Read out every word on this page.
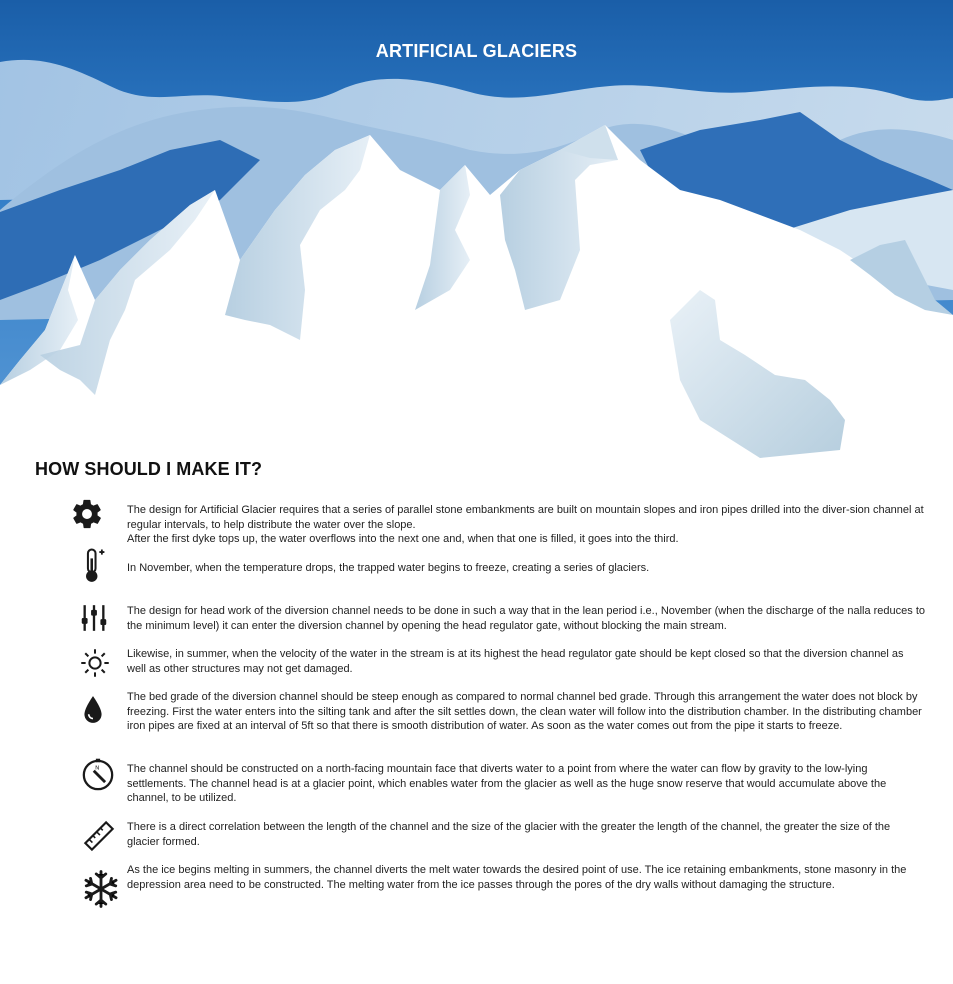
ARTIFICIAL GLACIERS
HOW SHOULD I MAKE IT?

The design for Artificial Glacier requires that a series of parallel stone embankments are built on mountain slopes and iron pipes drilled into the diver-sion channel at regular intervals, to help distribute the water over the slope.

After the first dyke tops up, the water overflows into the next one and, when that one is filled, it goes into the third.

In November, when the temperature drops, the trapped water begins to freeze, creating a series of glaciers.

The design for head work of the diversion channel needs to be done in such a way that in the lean period i.e., November (when the discharge of the nalla reduces to the minimum level) it can enter the diversion channel by opening the head regulator gate, without blocking the main stream.

Likewise, in summer, when the velocity of the water in the stream is at its highest the head regulator gate should be kept closed so that the diversion channel as well as other structures may not get damaged.

The bed grade of the diversion channel should be steep enough as compared to normal channel bed grade. Through this arrangement the water does not block by freezing. First the water enters into the silting tank and after the silt settles down, the clean water will follow into the distribution chamber. In the distributing chamber iron pipes are fixed at an interval of 5ft so that there is smooth distribution of water. As soon as the water comes out from the pipe it starts to freeze.

N	The channel should be constructed on a north-facing mountain face that diverts water to a point from where the water can flow by gravity to the low-lying settlements. The channel head is at a glacier point, which enables water from the glacier as well as the huge snow reserve that would accumulate above the channel, to be utilized.

There is a direct correlation between the length of the channel and the size of the glacier with the greater the length of the channel, the greater the size of the glacier formed.

As the ice begins melting in summers, the channel diverts the melt water towards the desired point of use. The ice retaining embankments, stone masonry in the depression area need to be constructed. The melting water from the ice passes through the pores of the dry walls without damaging the structure.
